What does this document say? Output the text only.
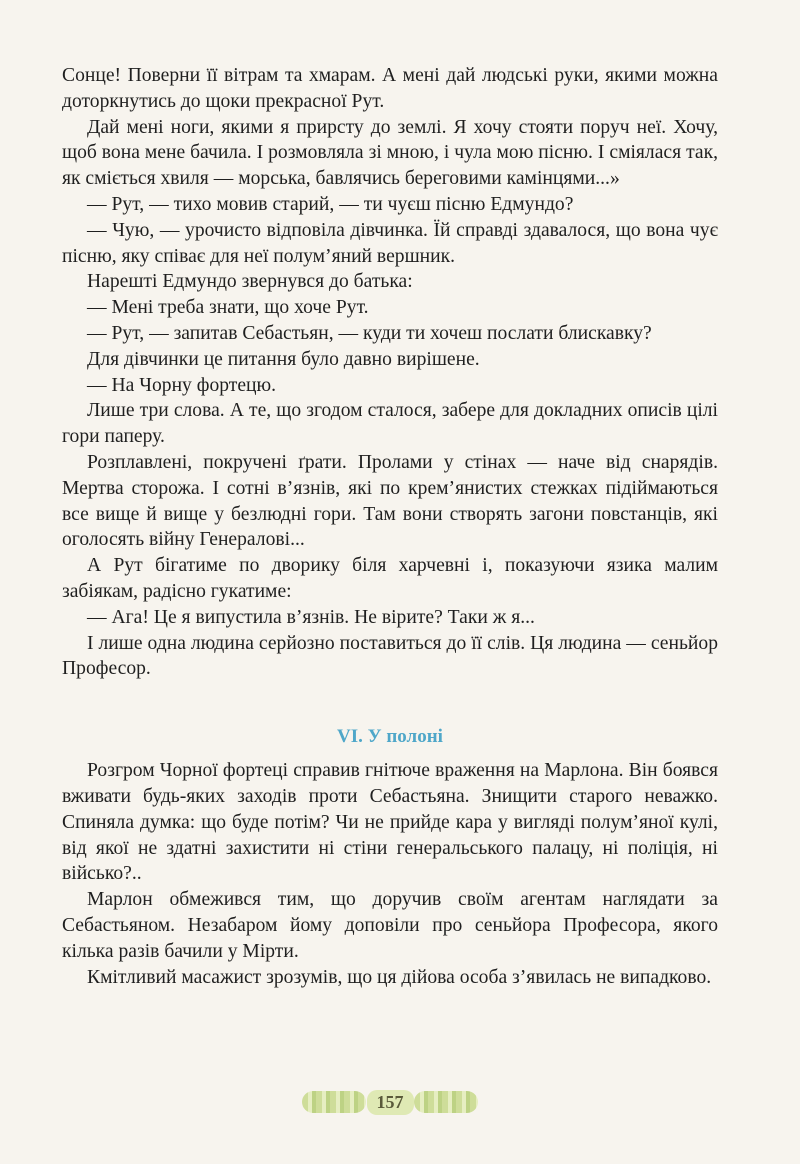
Сонце! Поверни її вітрам та хмарам. А мені дай людські руки, якими можна доторкнутись до щоки прекрасної Рут.

Дай мені ноги, якими я прирсту до землі. Я хочу стояти поруч неї. Хочу, щоб вона мене бачила. І розмовляла зі мною, і чула мою пісню. І сміялася так, як сміється хвиля — морська, бавлячись береговими камінцями...»

— Рут, — тихо мовив старий, — ти чуєш пісню Едмундо?

— Чую, — урочисто відповіла дівчинка. Їй справді здавалося, що вона чує пісню, яку співає для неї полум’яний вершник.

Нарешті Едмундо звернувся до батька:

— Мені треба знати, що хоче Рут.

— Рут, — запитав Себастьян, — куди ти хочеш послати блискавку?

Для дівчинки це питання було давно вирішене.

— На Чорну фортецю.

Лише три слова. А те, що згодом сталося, забере для докладних описів цілі гори паперу.

Розплавлені, покручені ґрати. Пролами у стінах — наче від снарядів. Мертва сторожа. І сотні в’язнів, які по крем’янистих стежках підіймаються все вище й вище у безлюдні гори. Там вони створять загони повстанців, які оголосять війну Генералові...

А Рут бігатиме по дворику біля харчевні і, показуючи язика малим забіякам, радісно гукатиме:

— Ага! Це я випустила в’язнів. Не вірите? Таки ж я...

І лише одна людина серйозно поставиться до її слів. Ця людина — сеньйор Професор.

VI. У полоні

Розгром Чорної фортеці справив гнітюче враження на Марлона. Він боявся вживати будь-яких заходів проти Себастьяна. Знищити старого неважко. Спиняла думка: що буде потім? Чи не прийде кара у вигляді полум’яної кулі, від якої не здатні захистити ні стіни генеральського палацу, ні поліція, ні військо?..

Марлон обмежився тим, що доручив своїм агентам наглядати за Себастьяном. Незабаром йому доповіли про сеньйора Професора, якого кілька разів бачили у Мірти.

Кмітливий масажист зрозумів, що ця дійова особа з’явилась не випадково.

157
